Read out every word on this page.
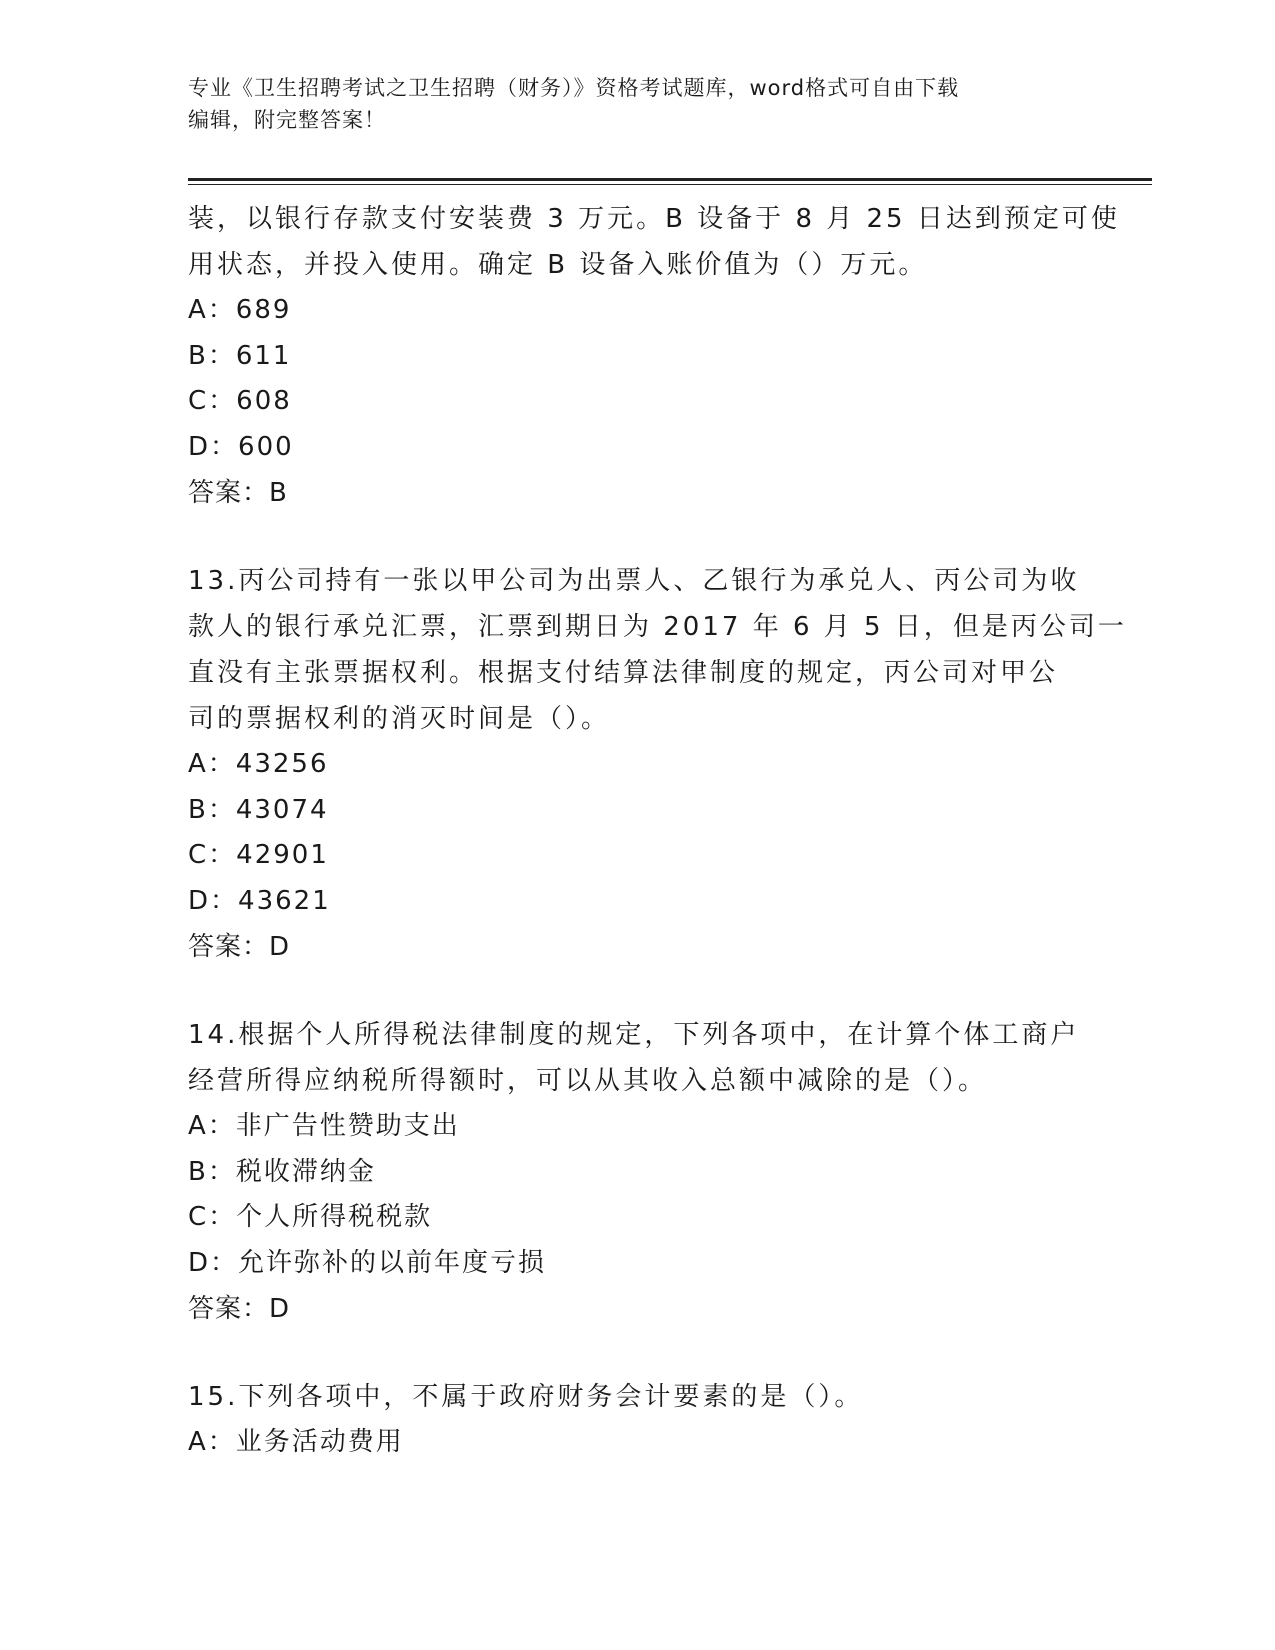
专业《卫生招聘考试之卫生招聘（财务）》资格考试题库，word格式可自由下载
编辑，附完整答案！
装，以银行存款支付安装费 3 万元。B 设备于 8 月 25 日达到预定可使
用状态，并投入使用。确定 B 设备入账价值为（）万元。
A：689
B：611
C：608
D：600
答案：B
13.丙公司持有一张以甲公司为出票人、乙银行为承兑人、丙公司为收
款人的银行承兑汇票，汇票到期日为 2017 年 6 月 5 日，但是丙公司一
直没有主张票据权利。根据支付结算法律制度的规定，丙公司对甲公
司的票据权利的消灭时间是（）。
A：43256
B：43074
C：42901
D：43621
答案：D
14.根据个人所得税法律制度的规定，下列各项中，在计算个体工商户
经营所得应纳税所得额时，可以从其收入总额中减除的是（）。
A：非广告性赞助支出
B：税收滞纳金
C：个人所得税税款
D：允许弥补的以前年度亏损
答案：D
15.下列各项中，不属于政府财务会计要素的是（）。
A：业务活动费用
